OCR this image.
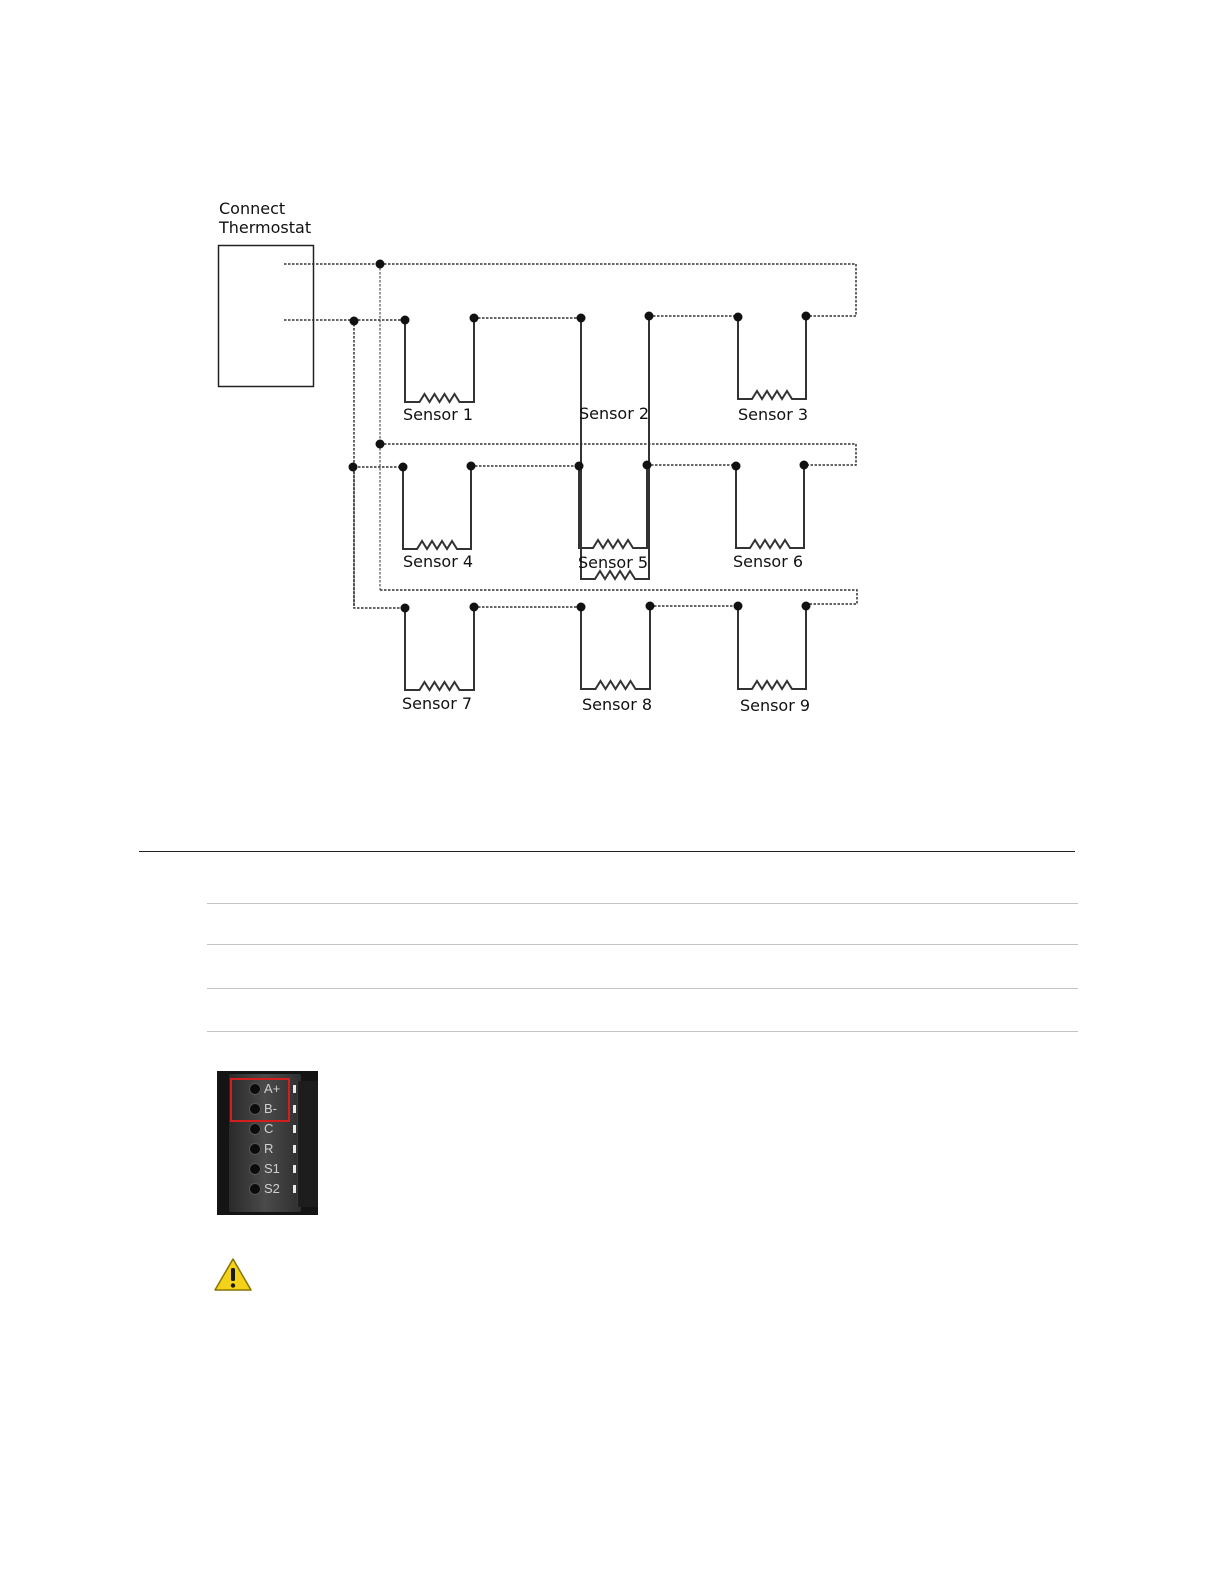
Connect
Thermostat
Sensor 1	Sensor 2	Sensor 3
Sensor 4	Sensor 5	Sensor 6
Sensor 7	Sensor 8	Sensor 9
A+
B-
C
R
S1
S2
